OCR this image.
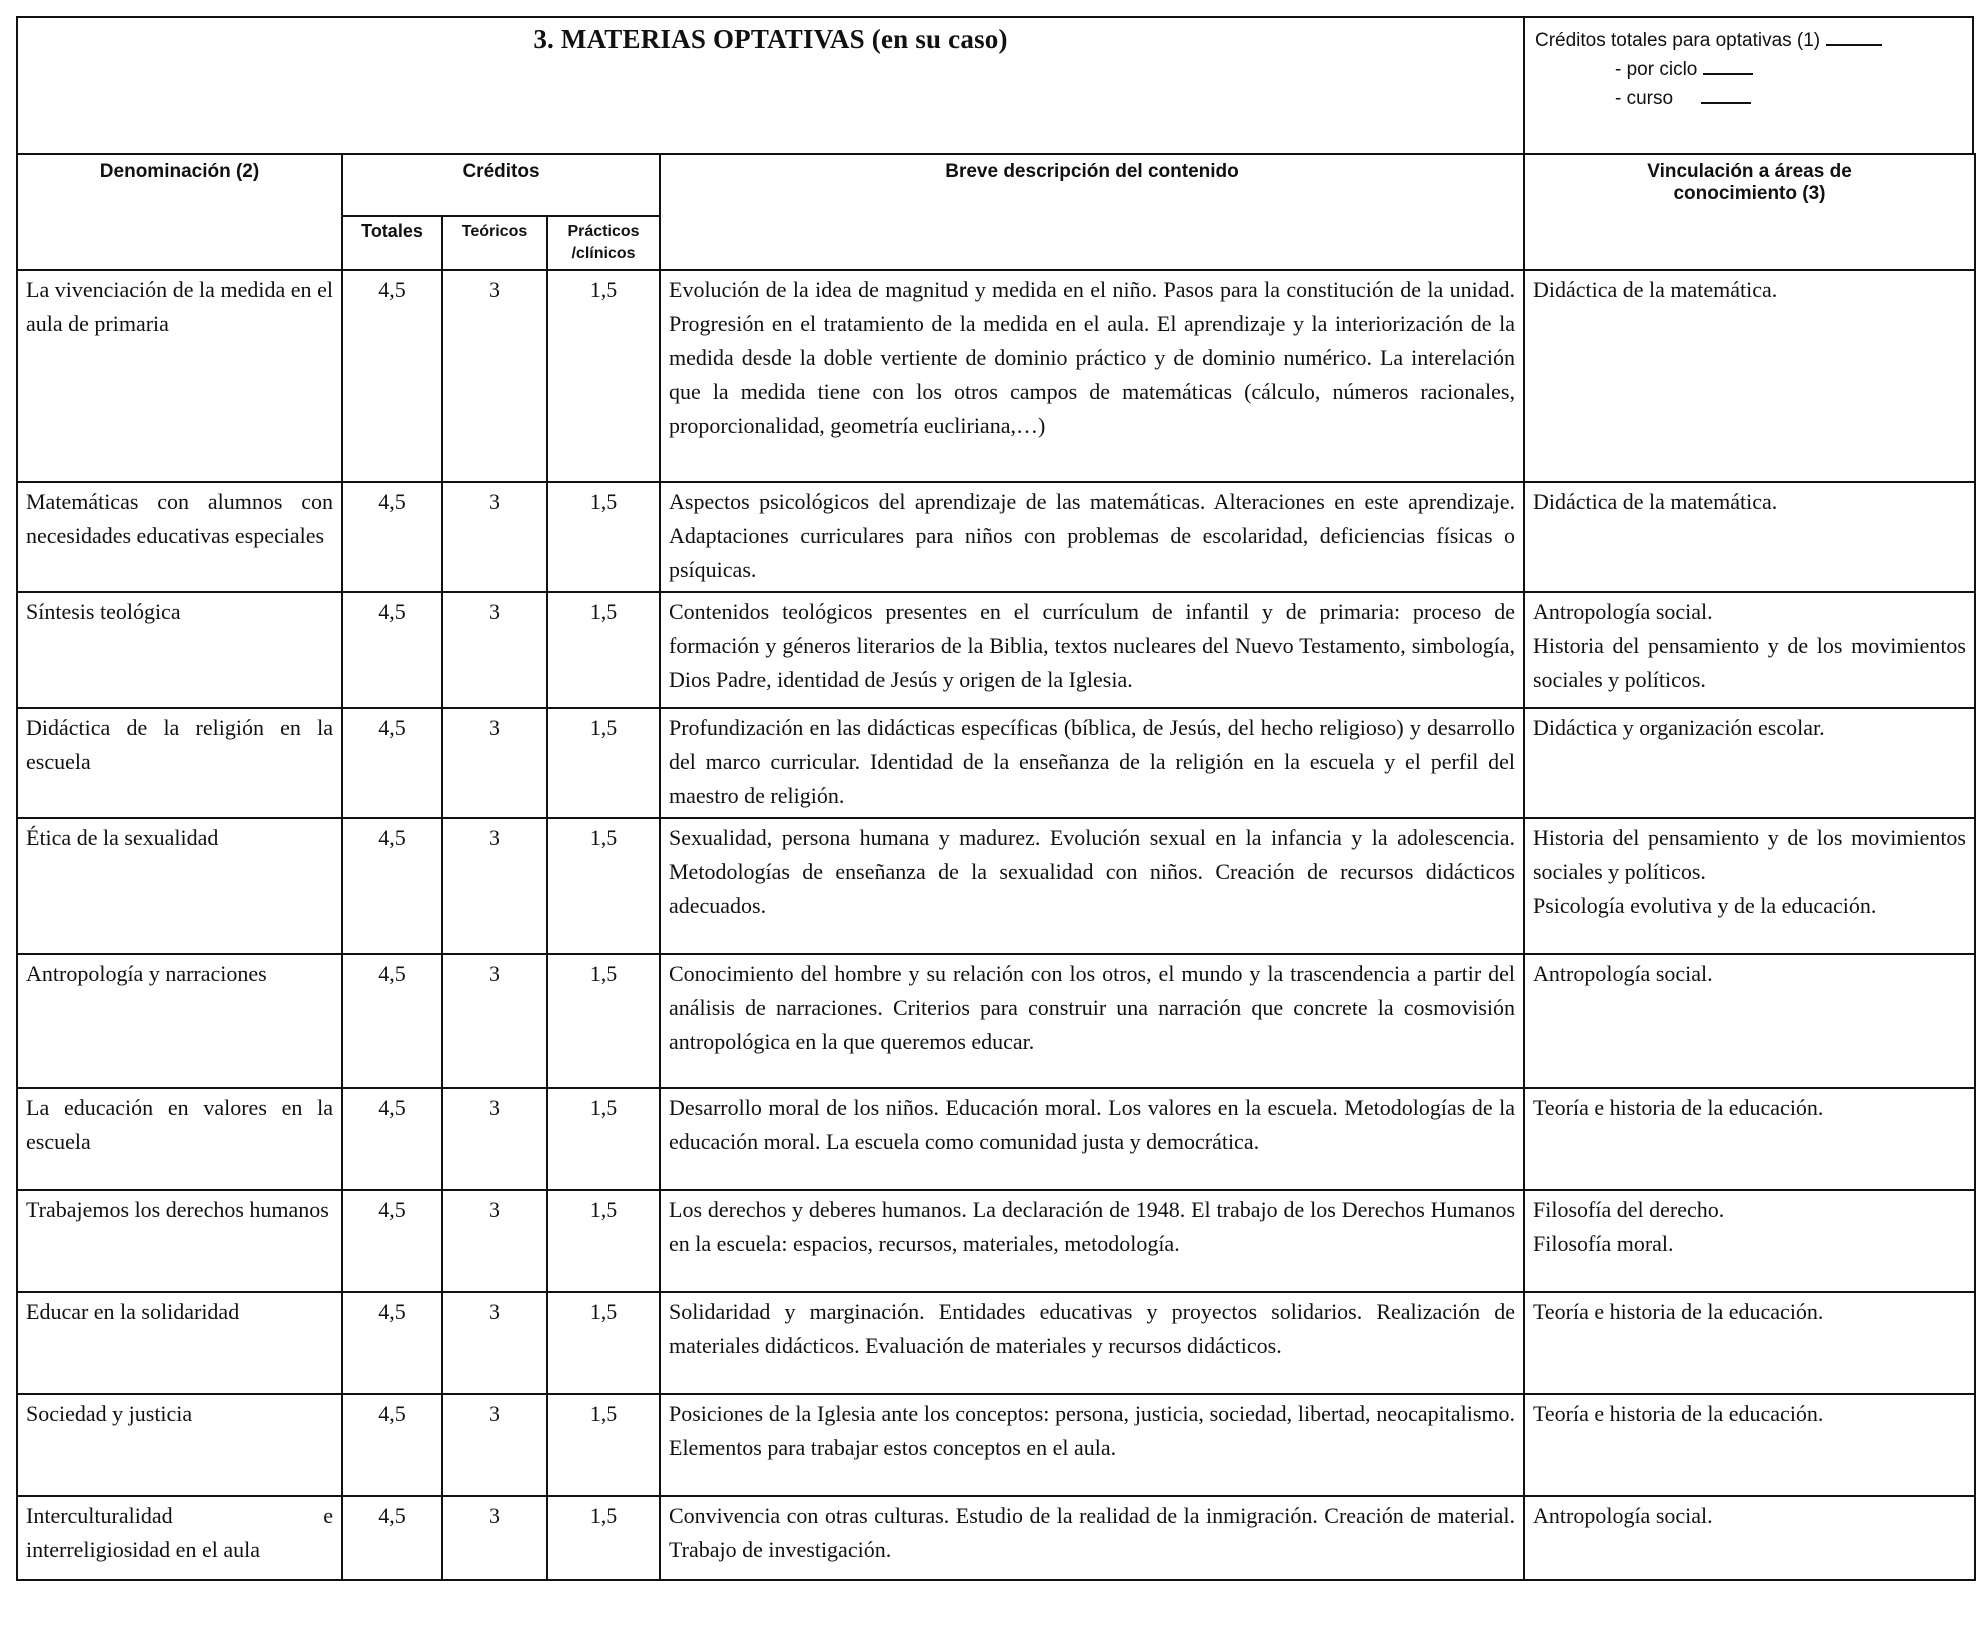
3. MATERIAS OPTATIVAS (en su caso)	Créditos totales para optativas (1)
- por ciclo
- curso
Denominación (2)	Créditos			Breve descripción del contenido	Vinculación a áreas de conocimiento (3)
	Totales	Teóricos	Prácticos /clínicos		
La vivenciación de la medida en el aula de primaria	4,5	3	1,5	Evolución de la idea de magnitud y medida en el niño. Pasos para la constitución de la unidad. Progresión en el tratamiento de la medida en el aula. El aprendizaje y la interiorización de la medida desde la doble vertiente de dominio práctico y de dominio numérico. La interelación que la medida tiene con los otros campos de matemáticas (cálculo, números racionales, proporcionalidad, geometría eucliriana,…)	Didáctica de la matemática.

Matemáticas con alumnos con necesidades educativas especiales	4,5	3	1,5	Aspectos psicológicos del aprendizaje de las matemáticas. Alteraciones en este aprendizaje. Adaptaciones curriculares para niños con problemas de escolaridad, deficiencias físicas o psíquicas.	Didáctica de la matemática.

Síntesis teológica	4,5	3	1,5	Contenidos teológicos presentes en el currículum de infantil y de primaria: proceso de formación y géneros literarios de la Biblia, textos nucleares del Nuevo Testamento, simbología, Dios Padre, identidad de Jesús y origen de la Iglesia.	Antropología social.
Historia del pensamiento y de los movimientos sociales y políticos.

Didáctica de la religión en la escuela	4,5	3	1,5	Profundización en las didácticas específicas (bíblica, de Jesús, del hecho religioso) y desarrollo del marco curricular. Identidad de la enseñanza de la religión en la escuela y el perfil del maestro de religión.	Didáctica y organización escolar.

Ética de la sexualidad	4,5	3	1,5	Sexualidad, persona humana y madurez. Evolución sexual en la infancia y la adolescencia. Metodologías de enseñanza de la sexualidad con niños. Creación de recursos didácticos adecuados.	Historia del pensamiento y de los movimientos sociales y políticos.
Psicología evolutiva y de la educación.

Antropología y narraciones	4,5	3	1,5	Conocimiento del hombre y su relación con los otros, el mundo y la trascendencia a partir del análisis de narraciones. Criterios para construir una narración que concrete la cosmovisión antropológica en la que queremos educar.	Antropología social.

La educación en valores en la escuela	4,5	3	1,5	Desarrollo moral de los niños. Educación moral. Los valores en la escuela. Metodologías de la educación moral. La escuela como comunidad justa y democrática.	Teoría e historia de la educación.

Trabajemos los derechos humanos	4,5	3	1,5	Los derechos y deberes humanos. La declaración de 1948. El trabajo de los Derechos Humanos en la escuela: espacios, recursos, materiales, metodología.	Filosofía del derecho.
Filosofía moral.

Educar en la solidaridad	4,5	3	1,5	Solidaridad y marginación. Entidades educativas y proyectos solidarios. Realización de materiales didácticos. Evaluación de materiales y recursos didácticos.	Teoría e historia de la educación.

Sociedad y justicia	4,5	3	1,5	Posiciones de la Iglesia ante los conceptos: persona, justicia, sociedad, libertad, neocapitalismo. Elementos para trabajar estos conceptos en el aula.	Teoría e historia de la educación.

Interculturalidad e interreligiosidad en el aula	4,5	3	1,5	Convivencia con otras culturas. Estudio de la realidad de la inmigración. Creación de material. Trabajo de investigación.	Antropología social.
